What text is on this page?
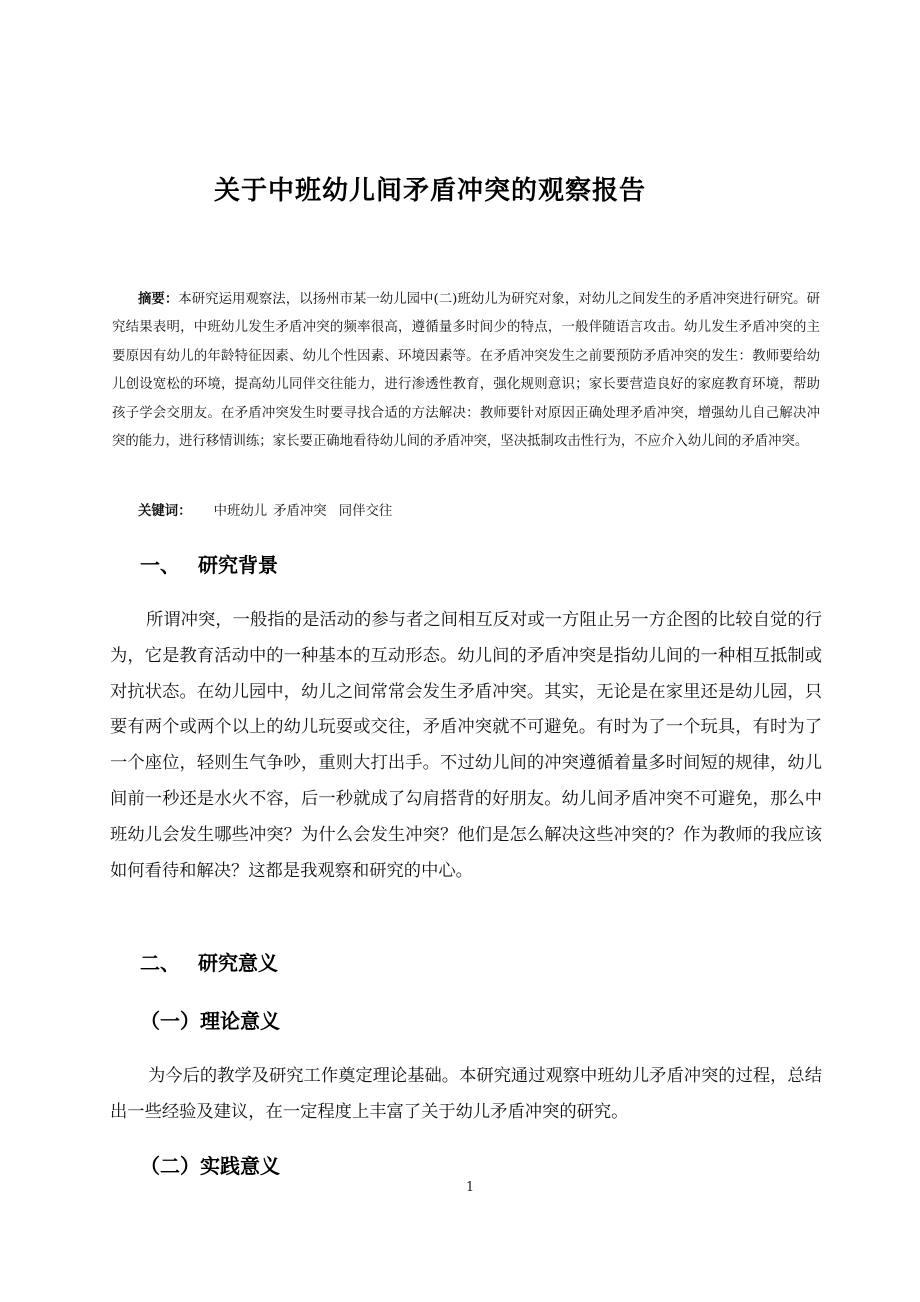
关于中班幼儿间矛盾冲突的观察报告
摘要：本研究运用观察法，以扬州市某一幼儿园中(二)班幼儿为研究对象，对幼儿之间发生的矛盾冲突进行研究。研究结果表明，中班幼儿发生矛盾冲突的频率很高，遵循量多时间少的特点，一般伴随语言攻击。幼儿发生矛盾冲突的主要原因有幼儿的年龄特征因素、幼儿个性因素、环境因素等。在矛盾冲突发生之前要预防矛盾冲突的发生：教师要给幼儿创设宽松的环境，提高幼儿同伴交往能力，进行渗透性教育，强化规则意识；家长要营造良好的家庭教育环境，帮助孩子学会交朋友。在矛盾冲突发生时要寻找合适的方法解决：教师要针对原因正确处理矛盾冲突，增强幼儿自己解决冲突的能力，进行移情训练；家长要正确地看待幼儿间的矛盾冲突，坚决抵制攻击性行为，不应介入幼儿间的矛盾冲突。
关键词： 中班幼儿 矛盾冲突 同伴交往
一、 研究背景
所谓冲突，一般指的是活动的参与者之间相互反对或一方阻止另一方企图的比较自觉的行为，它是教育活动中的一种基本的互动形态。幼儿间的矛盾冲突是指幼儿间的一种相互抵制或对抗状态。在幼儿园中，幼儿之间常常会发生矛盾冲突。其实，无论是在家里还是幼儿园，只要有两个或两个以上的幼儿玩耍或交往，矛盾冲突就不可避免。有时为了一个玩具，有时为了一个座位，轻则生气争吵，重则大打出手。不过幼儿间的冲突遵循着量多时间短的规律，幼儿间前一秒还是水火不容，后一秒就成了勾肩搭背的好朋友。幼儿间矛盾冲突不可避免，那么中班幼儿会发生哪些冲突？为什么会发生冲突？他们是怎么解决这些冲突的？作为教师的我应该如何看待和解决？这都是我观察和研究的中心。
二、 研究意义
（一）理论意义
为今后的教学及研究工作奠定理论基础。本研究通过观察中班幼儿矛盾冲突的过程，总结出一些经验及建议，在一定程度上丰富了关于幼儿矛盾冲突的研究。
（二）实践意义
1
